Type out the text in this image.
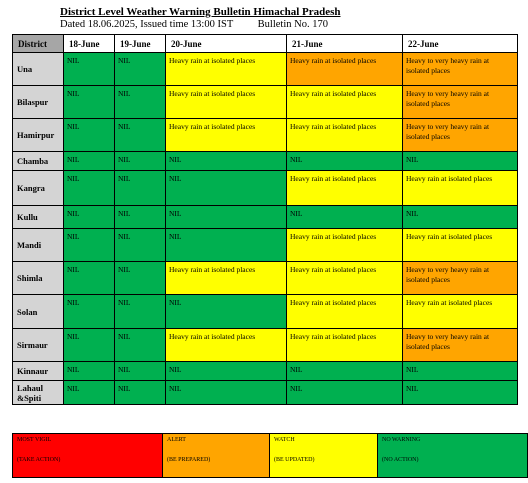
District Level Weather Warning Bulletin Himachal Pradesh
Dated 18.06.2025, Issued time 13:00 IST Bulletin No. 170
District	18-June	19-June	20-June	21-June	22-June
Una	NIL	NIL	Heavy rain at isolated places	Heavy rain at isolated places	Heavy to very heavy rain at isolated places
Bilaspur	NIL	NIL	Heavy rain at isolated places	Heavy rain at isolated places	Heavy to very heavy rain at isolated places
Hamirpur	NIL	NIL	Heavy rain at isolated places	Heavy rain at isolated places	Heavy to very heavy rain at isolated places
Chamba	NIL	NIL	NIL	NIL	NIL
Kangra	NIL	NIL	NIL	Heavy rain at isolated places	Heavy rain at isolated places
Kullu	NIL	NIL	NIL	NIL	NIL
Mandi	NIL	NIL	NIL	Heavy rain at isolated places	Heavy rain at isolated places
Shimla	NIL	NIL	Heavy rain at isolated places	Heavy rain at isolated places	Heavy to very heavy rain at isolated places
Solan	NIL	NIL	NIL	Heavy rain at isolated places	Heavy rain at isolated places
Sirmaur	NIL	NIL	Heavy rain at isolated places	Heavy rain at isolated places	Heavy to very heavy rain at isolated places
Kinnaur	NIL	NIL	NIL	NIL	NIL
Lahaul &Spiti	NIL	NIL	NIL	NIL	NIL
MOST VIGIL
(TAKE ACTION)

ALERT
(BE PREPARED)

WATCH
(BE UPDATED)

NO WARNING
(NO ACTION)
